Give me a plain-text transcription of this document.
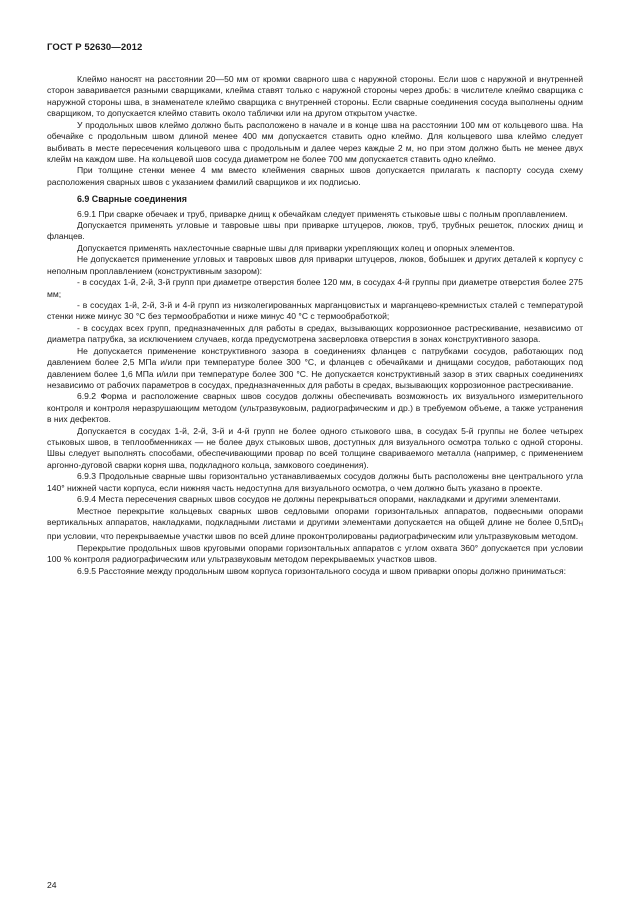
ГОСТ Р 52630—2012

Клеймо наносят на расстоянии 20—50 мм от кромки сварного шва с наружной стороны. Если шов с наружной и внутренней сторон заваривается разными сварщиками, клейма ставят только с наружной стороны через дробь: в числителе клеймо сварщика с наружной стороны шва, в знаменателе клеймо сварщика с внутренней стороны. Если сварные соединения сосуда выполнены одним сварщиком, то допускается клеймо ставить около таблички или на другом открытом участке.

У продольных швов клеймо должно быть расположено в начале и в конце шва на расстоянии 100 мм от кольцевого шва. На обечайке с продольным швом длиной менее 400 мм допускается ставить одно клеймо. Для кольцевого шва клеймо следует выбивать в месте пересечения кольцевого шва с продольным и далее через каждые 2 м, но при этом должно быть не менее двух клейм на каждом шве. На кольцевой шов сосуда диаметром не более 700 мм допускается ставить одно клеймо.

При толщине стенки менее 4 мм вместо клеймения сварных швов допускается прилагать к паспорту сосуда схему расположения сварных швов с указанием фамилий сварщиков и их подписью.

6.9 Сварные соединения

6.9.1 При сварке обечаек и труб, приварке днищ к обечайкам следует применять стыковые швы с полным проплавлением.

Допускается применять угловые и тавровые швы при приварке штуцеров, люков, труб, трубных решеток, плоских днищ и фланцев.

Допускается применять нахлесточные сварные швы для приварки укрепляющих колец и опорных элементов.

Не допускается применение угловых и тавровых швов для приварки штуцеров, люков, бобышек и других деталей к корпусу с неполным проплавлением (конструктивным зазором):

- в сосудах 1-й, 2-й, 3-й групп при диаметре отверстия более 120 мм, в сосудах 4-й группы при диаметре отверстия более 275 мм;

- в сосудах 1-й, 2-й, 3-й и 4-й групп из низколегированных марганцовистых и марганцево-кремнистых сталей с температурой стенки ниже минус 30 °С без термообработки и ниже минус 40 °С с термообработкой;

- в сосудах всех групп, предназначенных для работы в средах, вызывающих коррозионное растрескивание, независимо от диаметра патрубка, за исключением случаев, когда предусмотрена засверловка отверстия в зонах конструктивного зазора.

Не допускается применение конструктивного зазора в соединениях фланцев с патрубками сосудов, работающих под давлением более 2,5 МПа и/или при температуре более 300 °С, и фланцев с обечайками и днищами сосудов, работающих под давлением более 1,6 МПа и/или при температуре более 300 °С. Не допускается конструктивный зазор в этих сварных соединениях независимо от рабочих параметров в сосудах, предназначенных для работы в средах, вызывающих коррозионное растрескивание.

6.9.2 Форма и расположение сварных швов сосудов должны обеспечивать возможность их визуального измерительного контроля и контроля неразрушающим методом (ультразвуковым, радиографическим и др.) в требуемом объеме, а также устранения в них дефектов.

Допускается в сосудах 1-й, 2-й, 3-й и 4-й групп не более одного стыкового шва, в сосудах 5-й группы не более четырех стыковых швов, в теплообменниках — не более двух стыковых швов, доступных для визуального осмотра только с одной стороны. Швы следует выполнять способами, обеспечивающими провар по всей толщине свариваемого металла (например, с применением аргонно-дуговой сварки корня шва, подкладного кольца, замкового соединения).

6.9.3 Продольные сварные швы горизонтально устанавливаемых сосудов должны быть расположены вне центрального угла 140° нижней части корпуса, если нижняя часть недоступна для визуального осмотра, о чем должно быть указано в проекте.

6.9.4 Места пересечения сварных швов сосудов не должны перекрываться опорами, накладками и другими элементами.

Местное перекрытие кольцевых сварных швов седловыми опорами горизонтальных аппаратов, подвесными опорами вертикальных аппаратов, накладками, подкладными листами и другими элементами допускается на общей длине не более 0,5πDH при условии, что перекрываемые участки швов по всей длине проконтролированы радиографическим или ультразвуковым методом.

Перекрытие продольных швов круговыми опорами горизонтальных аппаратов с углом охвата 360° допускается при условии 100 % контроля радиографическим или ультразвуковым методом перекрываемых участков швов.

6.9.5 Расстояние между продольным швом корпуса горизонтального сосуда и швом приварки опоры должно приниматься:

24
